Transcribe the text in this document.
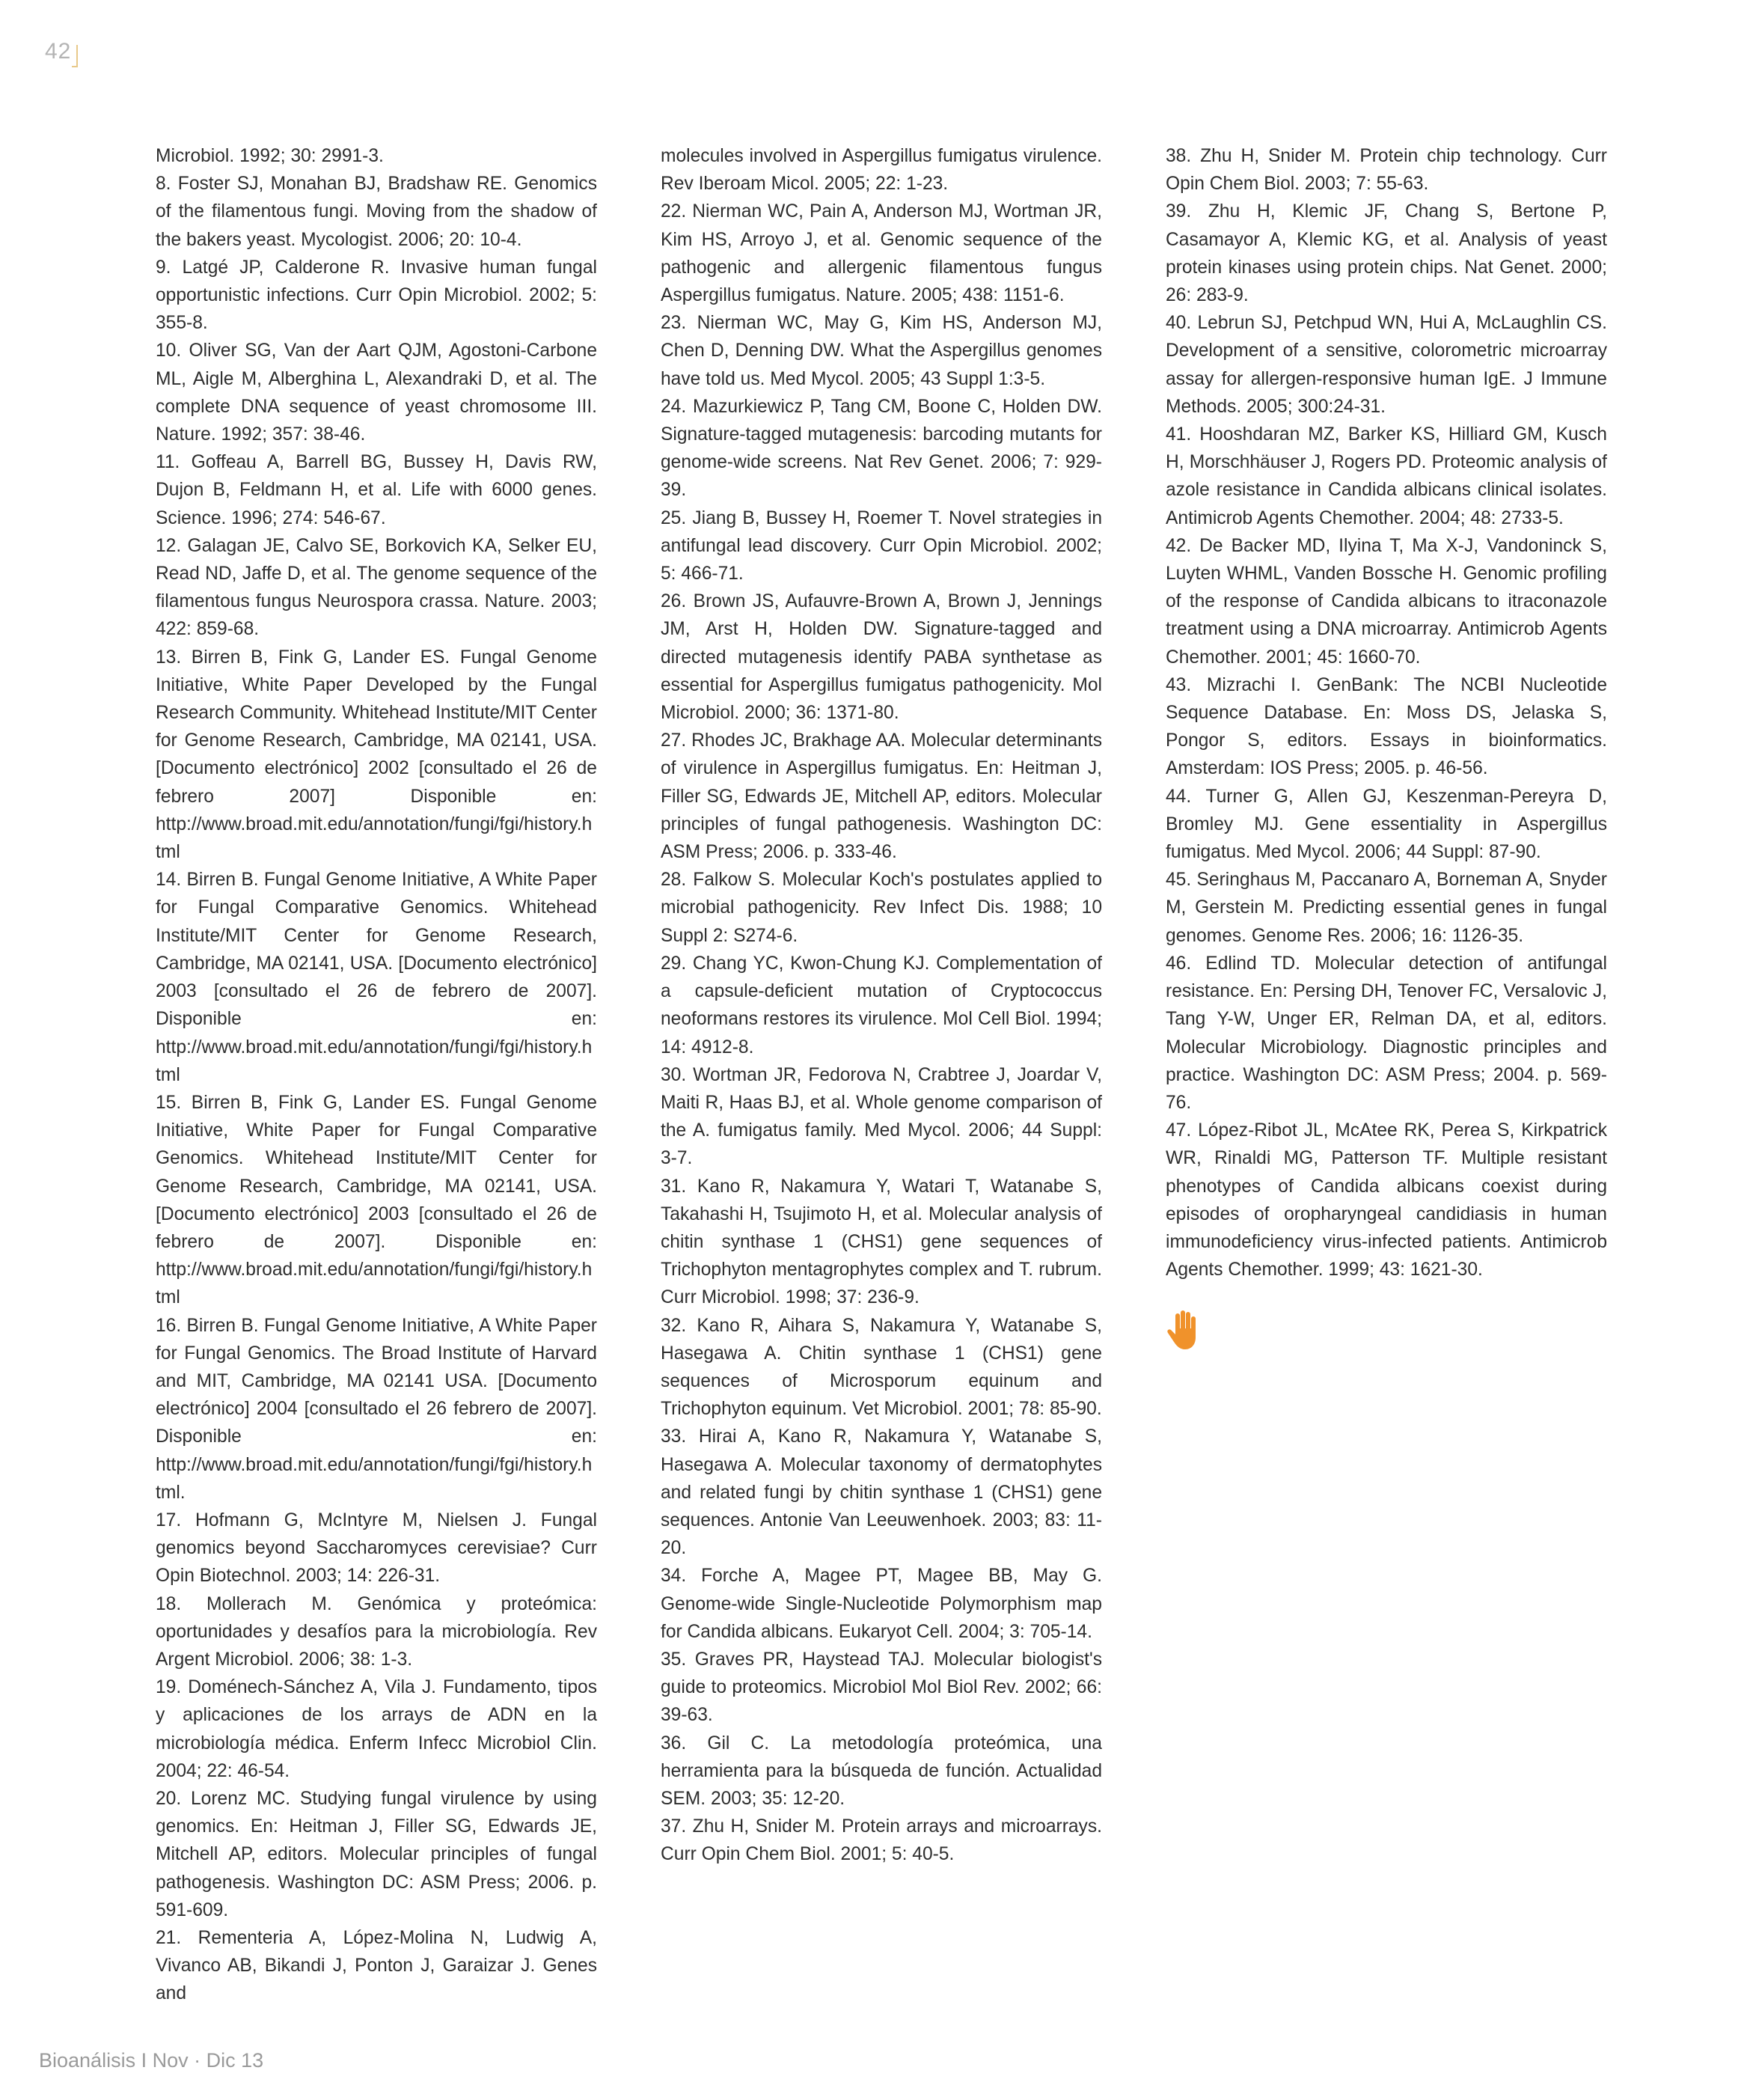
42

Microbiol. 1992; 30: 2991-3.

8. Foster SJ, Monahan BJ, Bradshaw RE. Genomics of the filamentous fungi. Moving from the shadow of the bakers yeast. Mycologist. 2006; 20: 10-4.

9. Latgé JP, Calderone R. Invasive human fungal opportunistic infections. Curr Opin Microbiol. 2002; 5: 355-8.

10. Oliver SG, Van der Aart QJM, Agostoni-Carbone ML, Aigle M, Alberghina L, Alexandraki D, et al. The complete DNA sequence of yeast chromosome III. Nature. 1992; 357: 38-46.

11. Goffeau A, Barrell BG, Bussey H, Davis RW, Dujon B, Feldmann H, et al. Life with 6000 genes. Science. 1996; 274: 546-67.

12. Galagan JE, Calvo SE, Borkovich KA, Selker EU, Read ND, Jaffe D, et al. The genome sequence of the filamentous fungus Neurospora crassa. Nature. 2003; 422: 859-68.

13. Birren B, Fink G, Lander ES. Fungal Genome Initiative, White Paper Developed by the Fungal Research Community. Whitehead Institute/MIT Center for Genome Research, Cambridge, MA 02141, USA. [Documento electrónico] 2002 [consultado el 26 de febrero 2007] Disponible en: http://www.broad.mit.edu/annotation/fungi/fgi/history.html

14. Birren B. Fungal Genome Initiative, A White Paper for Fungal Comparative Genomics. Whitehead Institute/MIT Center for Genome Research, Cambridge, MA 02141, USA. [Documento electrónico] 2003 [consultado el 26 de febrero de 2007]. Disponible en: http://www.broad.mit.edu/annotation/fungi/fgi/history.html

15. Birren B, Fink G, Lander ES. Fungal Genome Initiative, White Paper for Fungal Comparative Genomics. Whitehead Institute/MIT Center for Genome Research, Cambridge, MA 02141, USA. [Documento electrónico] 2003 [consultado el 26 de febrero de 2007]. Disponible en: http://www.broad.mit.edu/annotation/fungi/fgi/history.html

16. Birren B. Fungal Genome Initiative, A White Paper for Fungal Genomics. The Broad Institute of Harvard and MIT, Cambridge, MA 02141 USA. [Documento electrónico] 2004 [consultado el 26 febrero de 2007]. Disponible en: http://www.broad.mit.edu/annotation/fungi/fgi/history.html.

17. Hofmann G, McIntyre M, Nielsen J. Fungal genomics beyond Saccharomyces cerevisiae? Curr Opin Biotechnol. 2003; 14: 226-31.

18. Mollerach M. Genómica y proteómica: oportunidades y desafíos para la microbiología. Rev Argent Microbiol. 2006; 38: 1-3.

19. Doménech-Sánchez A, Vila J. Fundamento, tipos y aplicaciones de los arrays de ADN en la microbiología médica. Enferm Infecc Microbiol Clin. 2004; 22: 46-54.

20. Lorenz MC. Studying fungal virulence by using genomics. En: Heitman J, Filler SG, Edwards JE, Mitchell AP, editors. Molecular principles of fungal pathogenesis. Washington DC: ASM Press; 2006. p. 591-609.

21. Rementeria A, López-Molina N, Ludwig A, Vivanco AB, Bikandi J, Ponton J, Garaizar J. Genes and

molecules involved in Aspergillus fumigatus virulence. Rev Iberoam Micol. 2005; 22: 1-23.

22. Nierman WC, Pain A, Anderson MJ, Wortman JR, Kim HS, Arroyo J, et al. Genomic sequence of the pathogenic and allergenic filamentous fungus Aspergillus fumigatus. Nature. 2005; 438: 1151-6.

23. Nierman WC, May G, Kim HS, Anderson MJ, Chen D, Denning DW. What the Aspergillus genomes have told us. Med Mycol. 2005; 43 Suppl 1:3-5.

24. Mazurkiewicz P, Tang CM, Boone C, Holden DW. Signature-tagged mutagenesis: barcoding mutants for genome-wide screens. Nat Rev Genet. 2006; 7: 929-39.

25. Jiang B, Bussey H, Roemer T. Novel strategies in antifungal lead discovery. Curr Opin Microbiol. 2002; 5: 466-71.

26. Brown JS, Aufauvre-Brown A, Brown J, Jennings JM, Arst H, Holden DW. Signature-tagged and directed mutagenesis identify PABA synthetase as essential for Aspergillus fumigatus pathogenicity. Mol Microbiol. 2000; 36: 1371-80.

27. Rhodes JC, Brakhage AA. Molecular determinants of virulence in Aspergillus fumigatus. En: Heitman J, Filler SG, Edwards JE, Mitchell AP, editors. Molecular principles of fungal pathogenesis. Washington DC: ASM Press; 2006. p. 333-46.

28. Falkow S. Molecular Koch's postulates applied to microbial pathogenicity. Rev Infect Dis. 1988; 10 Suppl 2: S274-6.

29. Chang YC, Kwon-Chung KJ. Complementation of a capsule-deficient mutation of Cryptococcus neoformans restores its virulence. Mol Cell Biol. 1994; 14: 4912-8.

30. Wortman JR, Fedorova N, Crabtree J, Joardar V, Maiti R, Haas BJ, et al. Whole genome comparison of the A. fumigatus family. Med Mycol. 2006; 44 Suppl: 3-7.

31. Kano R, Nakamura Y, Watari T, Watanabe S, Takahashi H, Tsujimoto H, et al. Molecular analysis of chitin synthase 1 (CHS1) gene sequences of Trichophyton mentagrophytes complex and T. rubrum. Curr Microbiol. 1998; 37: 236-9.

32. Kano R, Aihara S, Nakamura Y, Watanabe S, Hasegawa A. Chitin synthase 1 (CHS1) gene sequences of Microsporum equinum and Trichophyton equinum. Vet Microbiol. 2001; 78: 85-90.

33. Hirai A, Kano R, Nakamura Y, Watanabe S, Hasegawa A. Molecular taxonomy of dermatophytes and related fungi by chitin synthase 1 (CHS1) gene sequences. Antonie Van Leeuwenhoek. 2003; 83: 11-20.

34. Forche A, Magee PT, Magee BB, May G. Genome-wide Single-Nucleotide Polymorphism map for Candida albicans. Eukaryot Cell. 2004; 3: 705-14.

35. Graves PR, Haystead TAJ. Molecular biologist's guide to proteomics. Microbiol Mol Biol Rev. 2002; 66: 39-63.

36. Gil C. La metodología proteómica, una herramienta para la búsqueda de función. Actualidad SEM. 2003; 35: 12-20.

37. Zhu H, Snider M. Protein arrays and microarrays. Curr Opin Chem Biol. 2001; 5: 40-5.

38. Zhu H, Snider M. Protein chip technology. Curr Opin Chem Biol. 2003; 7: 55-63.

39. Zhu H, Klemic JF, Chang S, Bertone P, Casamayor A, Klemic KG, et al. Analysis of yeast protein kinases using protein chips. Nat Genet. 2000; 26: 283-9.

40. Lebrun SJ, Petchpud WN, Hui A, McLaughlin CS. Development of a sensitive, colorometric microarray assay for allergen-responsive human IgE. J Immune Methods. 2005; 300:24-31.

41. Hooshdaran MZ, Barker KS, Hilliard GM, Kusch H, Morschhäuser J, Rogers PD. Proteomic analysis of azole resistance in Candida albicans clinical isolates. Antimicrob Agents Chemother. 2004; 48: 2733-5.

42. De Backer MD, Ilyina T, Ma X-J, Vandoninck S, Luyten WHML, Vanden Bossche H. Genomic profiling of the response of Candida albicans to itraconazole treatment using a DNA microarray. Antimicrob Agents Chemother. 2001; 45: 1660-70.

43. Mizrachi I. GenBank: The NCBI Nucleotide Sequence Database. En: Moss DS, Jelaska S, Pongor S, editors. Essays in bioinformatics. Amsterdam: IOS Press; 2005. p. 46-56.

44. Turner G, Allen GJ, Keszenman-Pereyra D, Bromley MJ. Gene essentiality in Aspergillus fumigatus. Med Mycol. 2006; 44 Suppl: 87-90.

45. Seringhaus M, Paccanaro A, Borneman A, Snyder M, Gerstein M. Predicting essential genes in fungal genomes. Genome Res. 2006; 16: 1126-35.

46. Edlind TD. Molecular detection of antifungal resistance. En: Persing DH, Tenover FC, Versalovic J, Tang Y-W, Unger ER, Relman DA, et al, editors. Molecular Microbiology. Diagnostic principles and practice. Washington DC: ASM Press; 2004. p. 569-76.

47. López-Ribot JL, McAtee RK, Perea S, Kirkpatrick WR, Rinaldi MG, Patterson TF. Multiple resistant phenotypes of Candida albicans coexist during episodes of oropharyngeal candidiasis in human immunodeficiency virus-infected patients. Antimicrob Agents Chemother. 1999; 43: 1621-30.

Bioanálisis I Nov · Dic 13
